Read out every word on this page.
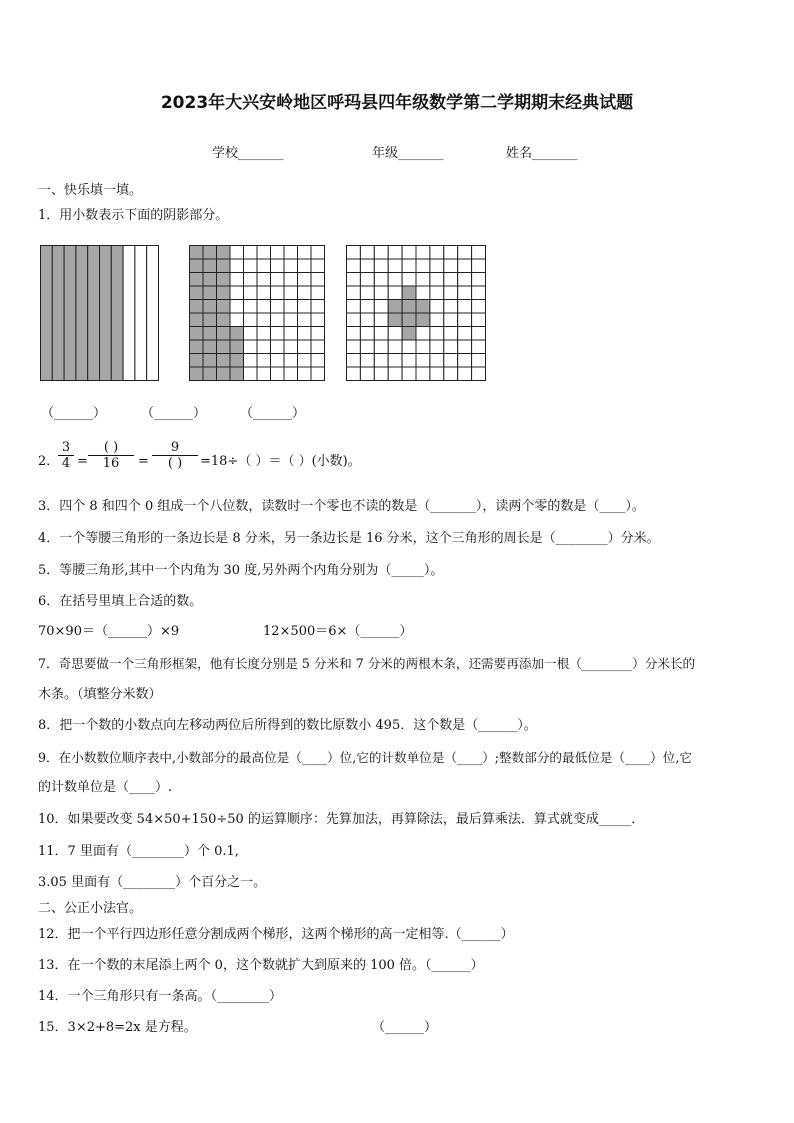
2023年大兴安岭地区呼玛县四年级数学第二学期期末经典试题
学校_______	年级_______	姓名_______
一、快乐填一填。
1．用小数表示下面的阴影部分。
（______）	（______）	（______）
2．
$\frac{3}{4}$ =
( )
16	=
9
( )	=18÷（ ）＝（ ）(小数)。
3．四个 8 和四个 0 组成一个八位数，读数时一个零也不读的数是（_______），读两个零的数是（____）。
4．一个等腰三角形的一条边长是 8 分米，另一条边长是 16 分米，这个三角形的周长是（________）分米。
5．等腰三角形,其中一个内角为 30 度,另外两个内角分别为（_____）。
6．在括号里填上合适的数。
70×90＝（______）×9	12×500＝6×（______）
7．奇思要做一个三角形框架，他有长度分别是 5 分米和 7 分米的两根木条，还需要再添加一根（________）分米长的
木条。（填整分米数）
8．把一个数的小数点向左移动两位后所得到的数比原数小 495．这个数是（______）。
9．在小数数位顺序表中,小数部分的最高位是（____）位,它的计数单位是（____）;整数部分的最低位是（____）位,它
的计数单位是（____）.
10．如果要改变 54×50+150÷50 的运算顺序：先算加法，再算除法，最后算乘法．算式就变成_____．
11．7 里面有（________）个 0.1,
3.05 里面有（________）个百分之一。
二、公正小法官。
12．把一个平行四边形任意分割成两个梯形，这两个梯形的高一定相等.（______）
13．在一个数的末尾添上两个 0，这个数就扩大到原来的 100 倍。（______）
14．一个三角形只有一条高。（________）
15．3×2+8=2x 是方程。	（______）
